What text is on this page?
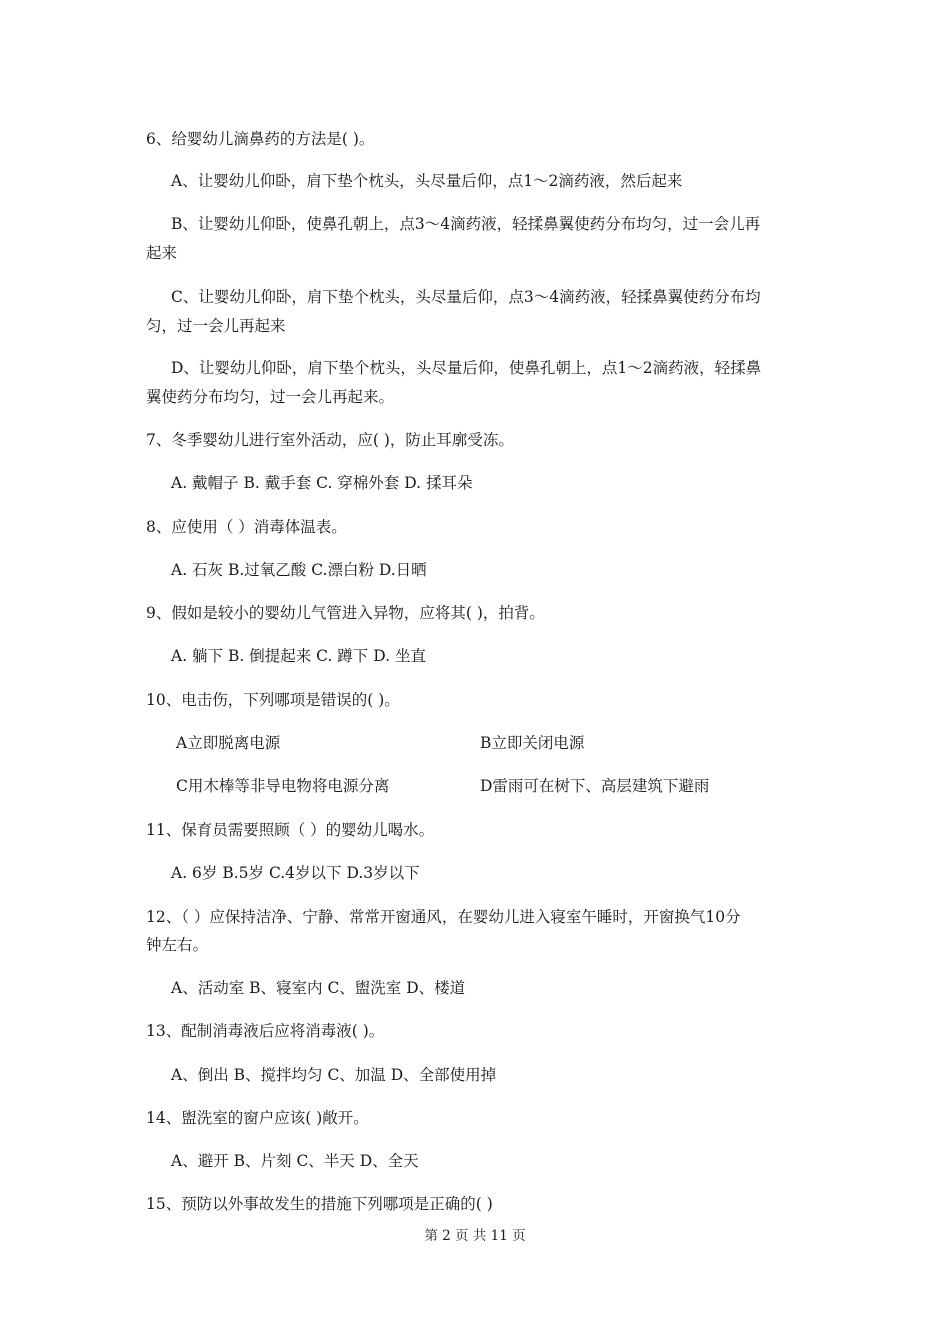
6、给婴幼儿滴鼻药的方法是( )。
A、让婴幼儿仰卧，肩下垫个枕头，头尽量后仰，点1～2滴药液，然后起来
B、让婴幼儿仰卧，使鼻孔朝上，点3～4滴药液，轻揉鼻翼使药分布均匀，过一会儿再
起来
C、让婴幼儿仰卧，肩下垫个枕头，头尽量后仰，点3～4滴药液，轻揉鼻翼使药分布均
匀，过一会儿再起来
D、让婴幼儿仰卧，肩下垫个枕头，头尽量后仰，使鼻孔朝上，点1～2滴药液，轻揉鼻
翼使药分布均匀，过一会儿再起来。
7、冬季婴幼儿进行室外活动，应( )，防止耳廓受冻。
A. 戴帽子 B. 戴手套 C. 穿棉外套 D. 揉耳朵
8、应使用（ ）消毒体温表。
A. 石灰 B.过氧乙酸 C.漂白粉 D.日晒
9、假如是较小的婴幼儿气管进入异物，应将其( )，拍背。
A. 躺下 B. 倒提起来 C. 蹲下 D. 坐直
10、电击伤，下列哪项是错误的( )。
A立即脱离电源	B立即关闭电源
C用木棒等非导电物将电源分离	D雷雨可在树下、高层建筑下避雨
11、保育员需要照顾（ ）的婴幼儿喝水。
A. 6岁 B.5岁 C.4岁以下 D.3岁以下
12、（ ）应保持洁净、宁静、常常开窗通风，在婴幼儿进入寝室午睡时，开窗换气10分
钟左右。
A、活动室 B、寝室内 C、盥洗室 D、楼道
13、配制消毒液后应将消毒液( )。
A、倒出 B、搅拌均匀 C、加温 D、全部使用掉
14、盥洗室的窗户应该( )敞开。
A、避开 B、片刻 C、半天 D、全天
15、预防以外事故发生的措施下列哪项是正确的( )
第 2 页 共 11 页
